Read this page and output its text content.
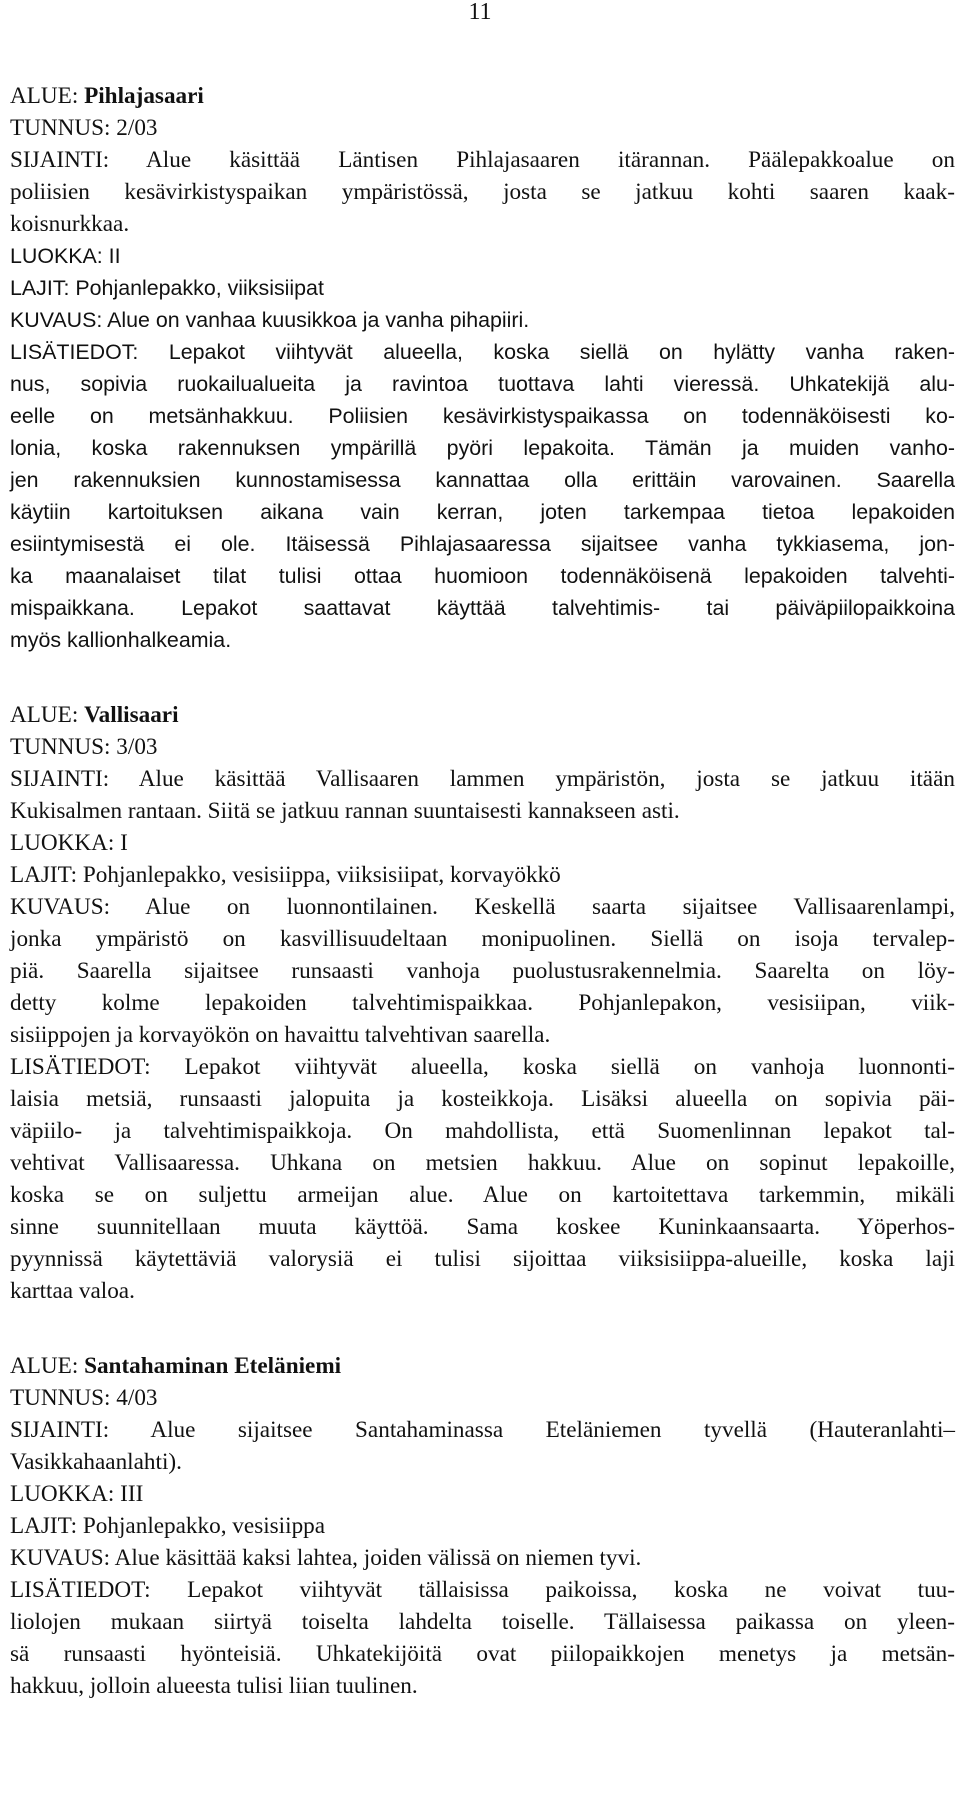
11
ALUE: Pihlajasaari
TUNNUS: 2/03
SIJAINTI: Alue käsittää Läntisen Pihlajasaaren itärannan. Päälepakkoalue on
poliisien kesävirkistyspaikan ympäristössä, josta se jatkuu kohti saaren kaak-
koisnurkkaa.
LUOKKA: II
LAJIT: Pohjanlepakko, viiksisiipat
KUVAUS: Alue on vanhaa kuusikkoa ja vanha pihapiiri.
LISÄTIEDOT: Lepakot viihtyvät alueella, koska siellä on hylätty vanha raken-
nus, sopivia ruokailualueita ja ravintoa tuottava lahti vieressä. Uhkatekijä alu-
eelle on metsänhakkuu. Poliisien kesävirkistyspaikassa on todennäköisesti ko-
lonia, koska rakennuksen ympärillä pyöri lepakoita. Tämän ja muiden vanho-
jen rakennuksien kunnostamisessa kannattaa olla erittäin varovainen. Saarella
käytiin kartoituksen aikana vain kerran, joten tarkempaa tietoa lepakoiden
esiintymisestä ei ole. Itäisessä Pihlajasaaressa sijaitsee vanha tykkiasema, jon-
ka maanalaiset tilat tulisi ottaa huomioon todennäköisenä lepakoiden talvehti-
mispaikkana. Lepakot saattavat käyttää talvehtimis- tai päiväpiilopaikkoina
myös kallionhalkeamia.
ALUE: Vallisaari
TUNNUS: 3/03
SIJAINTI: Alue käsittää Vallisaaren lammen ympäristön, josta se jatkuu itään
Kukisalmen rantaan. Siitä se jatkuu rannan suuntaisesti kannakseen asti.
LUOKKA: I
LAJIT: Pohjanlepakko, vesisiippa, viiksisiipat, korvayökkö
KUVAUS: Alue on luonnontilainen. Keskellä saarta sijaitsee Vallisaarenlampi,
jonka ympäristö on kasvillisuudeltaan monipuolinen. Siellä on isoja tervalep-
piä. Saarella sijaitsee runsaasti vanhoja puolustusrakennelmia. Saarelta on löy-
detty kolme lepakoiden talvehtimispaikkaa. Pohjanlepakon, vesisiipan, viik-
sisiippojen ja korvayökön on havaittu talvehtivan saarella.
LISÄTIEDOT: Lepakot viihtyvät alueella, koska siellä on vanhoja luonnonti-
laisia metsiä, runsaasti jalopuita ja kosteikkoja. Lisäksi alueella on sopivia päi-
väpiilo- ja talvehtimispaikkoja. On mahdollista, että Suomenlinnan lepakot tal-
vehtivat Vallisaaressa. Uhkana on metsien hakkuu. Alue on sopinut lepakoille,
koska se on suljettu armeijan alue. Alue on kartoitettava tarkemmin, mikäli
sinne suunnitellaan muuta käyttöä. Sama koskee Kuninkaansaarta. Yöperhos-
pyynnissä käytettäviä valorysiä ei tulisi sijoittaa viiksisiippa-alueille, koska laji
karttaa valoa.
ALUE: Santahaminan Eteläniemi
TUNNUS: 4/03
SIJAINTI: Alue sijaitsee Santahaminassa Eteläniemen tyvellä (Hauteranlahti–
Vasikkahaanlahti).
LUOKKA: III
LAJIT: Pohjanlepakko, vesisiippa
KUVAUS: Alue käsittää kaksi lahtea, joiden välissä on niemen tyvi.
LISÄTIEDOT: Lepakot viihtyvät tällaisissa paikoissa, koska ne voivat tuu-
liolojen mukaan siirtyä toiselta lahdelta toiselle. Tällaisessa paikassa on yleen-
sä runsaasti hyönteisiä. Uhkatekijöitä ovat piilopaikkojen menetys ja metsän-
hakkuu, jolloin alueesta tulisi liian tuulinen.
